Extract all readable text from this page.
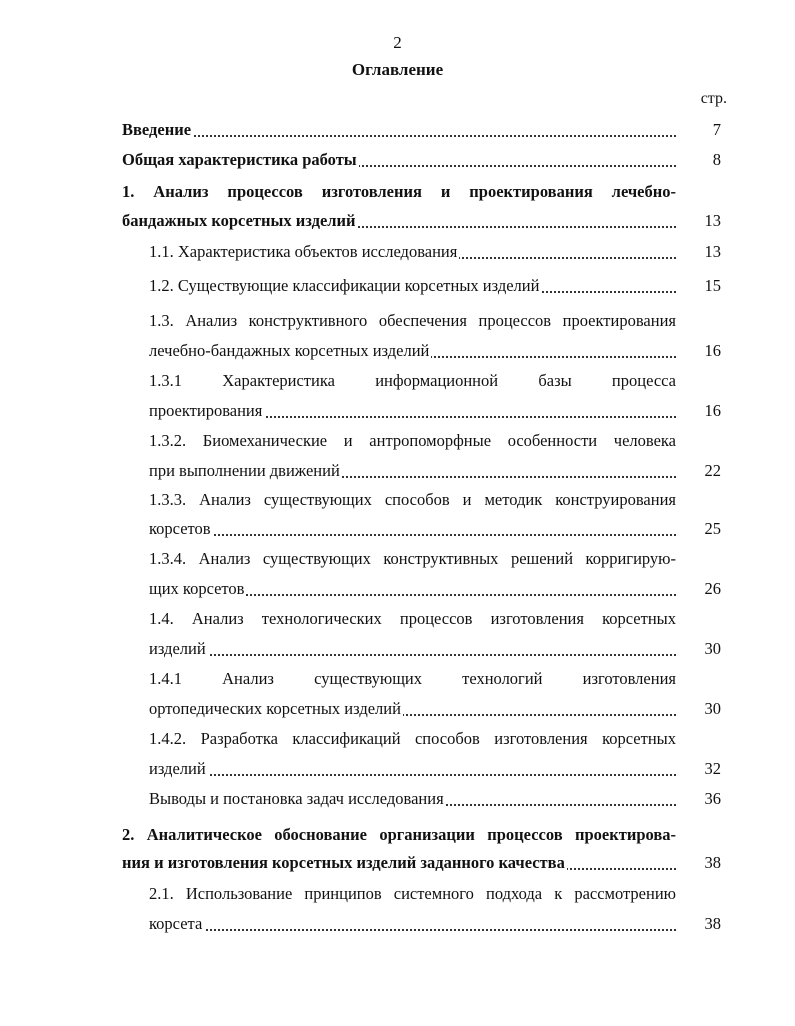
2
Оглавление
стр.
Введение	7
Общая характеристика работы	8
1. Анализ процессов изготовления и проектирования лечебно-
бандажных корсетных изделий	13
1.1. Характеристика объектов исследования	13
1.2. Существующие классификации корсетных изделий	15
1.3. Анализ конструктивного обеспечения процессов проектирования
лечебно-бандажных корсетных изделий	16
1.3.1 Характеристика информационной базы процесса
проектирования	16
1.3.2. Биомеханические и антропоморфные особенности человека
при выполнении движений	22
1.3.3. Анализ существующих способов и методик конструирования
корсетов	25
1.3.4. Анализ существующих конструктивных решений корригирую-
щих корсетов	26
1.4. Анализ технологических процессов изготовления корсетных
изделий	30
1.4.1 Анализ существующих технологий изготовления
ортопедических корсетных изделий	30
1.4.2. Разработка классификаций способов изготовления корсетных
изделий	32
Выводы и постановка задач исследования	36
2. Аналитическое обоснование организации процессов проектирова-
ния и изготовления корсетных изделий заданного качества	38
2.1. Использование принципов системного подхода к рассмотрению
корсета	38
